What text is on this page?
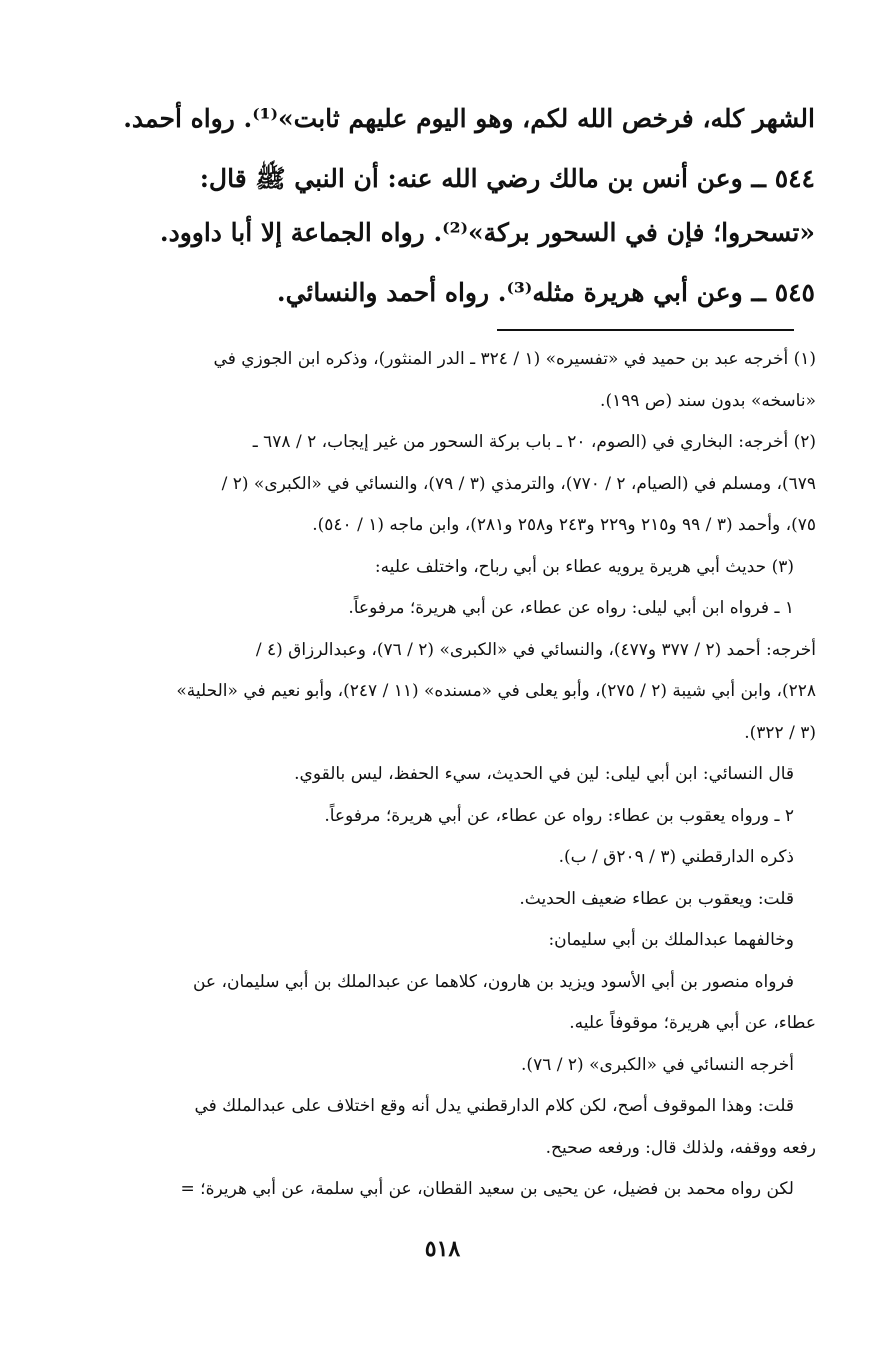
الشهر كله، فرخص الله لكم، وهو اليوم عليهم ثابت»⁽¹⁾. رواه أحمد.
٥٤٤ ــ وعن أنس بن مالك رضي الله عنه: أن النبي ﷺ قال:
«تسحروا؛ فإن في السحور بركة»⁽²⁾. رواه الجماعة إلا أبا داوود.
٥٤٥ ــ وعن أبي هريرة مثله⁽³⁾. رواه أحمد والنسائي.
(١) أخرجه عبد بن حميد في «تفسيره» (١ / ٣٢٤ ـ الدر المنثور)، وذكره ابن الجوزي في
«ناسخه» بدون سند (ص ١٩٩).
(٢) أخرجه: البخاري في (الصوم، ٢٠ ـ باب بركة السحور من غير إيجاب، ٢ / ٦٧٨ ـ
٦٧٩)، ومسلم في (الصيام، ٢ / ٧٧٠)، والترمذي (٣ / ٧٩)، والنسائي في «الكبرى» (٢ /
٧٥)، وأحمد (٣ / ٩٩ و٢١٥ و٢٢٩ و٢٤٣ و٢٥٨ و٢٨١)، وابن ماجه (١ / ٥٤٠).
(٣) حديث أبي هريرة يرويه عطاء بن أبي رباح، واختلف عليه:
١ ـ فرواه ابن أبي ليلى: رواه عن عطاء، عن أبي هريرة؛ مرفوعاً.
أخرجه: أحمد (٢ / ٣٧٧ و٤٧٧)، والنسائي في «الكبرى» (٢ / ٧٦)، وعبدالرزاق (٤ /
٢٢٨)، وابن أبي شيبة (٢ / ٢٧٥)، وأبو يعلى في «مسنده» (١١ / ٢٤٧)، وأبو نعيم في «الحلية»
(٣ / ٣٢٢).
قال النسائي: ابن أبي ليلى: لين في الحديث، سيء الحفظ، ليس بالقوي.
٢ ـ ورواه يعقوب بن عطاء: رواه عن عطاء، عن أبي هريرة؛ مرفوعاً.
ذكره الدارقطني (٣ / ٢٠٩ق / ب).
قلت: ويعقوب بن عطاء ضعيف الحديث.
وخالفهما عبدالملك بن أبي سليمان:
فرواه منصور بن أبي الأسود ويزيد بن هارون، كلاهما عن عبدالملك بن أبي سليمان، عن
عطاء، عن أبي هريرة؛ موقوفاً عليه.
أخرجه النسائي في «الكبرى» (٢ / ٧٦).
قلت: وهذا الموقوف أصح، لكن كلام الدارقطني يدل أنه وقع اختلاف على عبدالملك في
رفعه ووقفه، ولذلك قال: ورفعه صحيح.
لكن رواه محمد بن فضيل، عن يحيى بن سعيد القطان، عن أبي سلمة، عن أبي هريرة؛ =
٥١٨
